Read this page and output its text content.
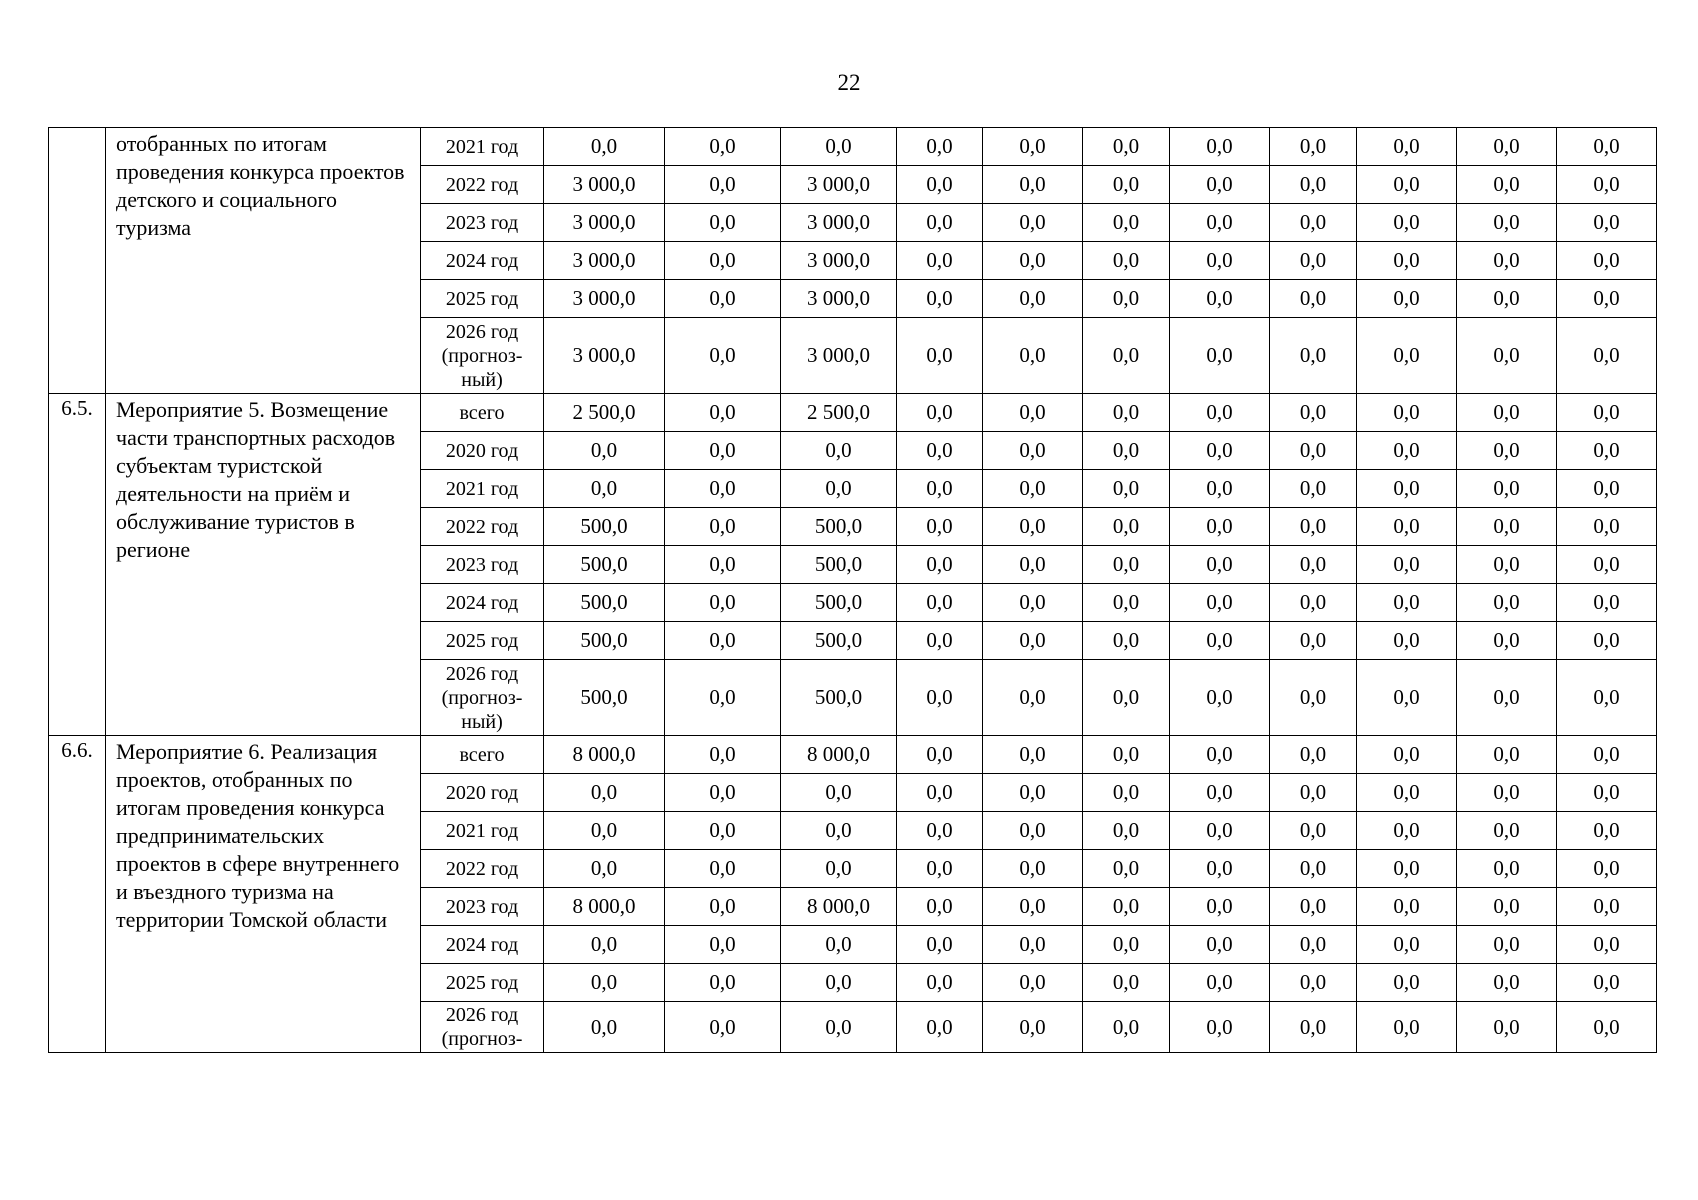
22
	отобранных по итогам проведения конкурса проектов детского и социального туризма	2021 год	0,0	0,0	0,0	0,0	0,0	0,0	0,0	0,0	0,0	0,0	0,0
		2022 год	3 000,0	0,0	3 000,0	0,0	0,0	0,0	0,0	0,0	0,0	0,0	0,0
		2023 год	3 000,0	0,0	3 000,0	0,0	0,0	0,0	0,0	0,0	0,0	0,0	0,0
		2024 год	3 000,0	0,0	3 000,0	0,0	0,0	0,0	0,0	0,0	0,0	0,0	0,0
		2025 год	3 000,0	0,0	3 000,0	0,0	0,0	0,0	0,0	0,0	0,0	0,0	0,0
		2026 год (прогноз-ный)	3 000,0	0,0	3 000,0	0,0	0,0	0,0	0,0	0,0	0,0	0,0	0,0
6.5.	Мероприятие 5. Возмещение части транспортных расходов субъектам туристской деятельности на приём и обслуживание туристов в регионе	всего	2 500,0	0,0	2 500,0	0,0	0,0	0,0	0,0	0,0	0,0	0,0	0,0
		2020 год	0,0	0,0	0,0	0,0	0,0	0,0	0,0	0,0	0,0	0,0	0,0
		2021 год	0,0	0,0	0,0	0,0	0,0	0,0	0,0	0,0	0,0	0,0	0,0
		2022 год	500,0	0,0	500,0	0,0	0,0	0,0	0,0	0,0	0,0	0,0	0,0
		2023 год	500,0	0,0	500,0	0,0	0,0	0,0	0,0	0,0	0,0	0,0	0,0
		2024 год	500,0	0,0	500,0	0,0	0,0	0,0	0,0	0,0	0,0	0,0	0,0
		2025 год	500,0	0,0	500,0	0,0	0,0	0,0	0,0	0,0	0,0	0,0	0,0
		2026 год (прогноз-ный)	500,0	0,0	500,0	0,0	0,0	0,0	0,0	0,0	0,0	0,0	0,0
6.6.	Мероприятие 6. Реализация проектов, отобранных по итогам проведения конкурса предпринимательских проектов в сфере внутреннего и въездного туризма на территории Томской области	всего	8 000,0	0,0	8 000,0	0,0	0,0	0,0	0,0	0,0	0,0	0,0	0,0
		2020 год	0,0	0,0	0,0	0,0	0,0	0,0	0,0	0,0	0,0	0,0	0,0
		2021 год	0,0	0,0	0,0	0,0	0,0	0,0	0,0	0,0	0,0	0,0	0,0
		2022 год	0,0	0,0	0,0	0,0	0,0	0,0	0,0	0,0	0,0	0,0	0,0
		2023 год	8 000,0	0,0	8 000,0	0,0	0,0	0,0	0,0	0,0	0,0	0,0	0,0
		2024 год	0,0	0,0	0,0	0,0	0,0	0,0	0,0	0,0	0,0	0,0	0,0
		2025 год	0,0	0,0	0,0	0,0	0,0	0,0	0,0	0,0	0,0	0,0	0,0
		2026 год (прогноз-	0,0	0,0	0,0	0,0	0,0	0,0	0,0	0,0	0,0	0,0	0,0
